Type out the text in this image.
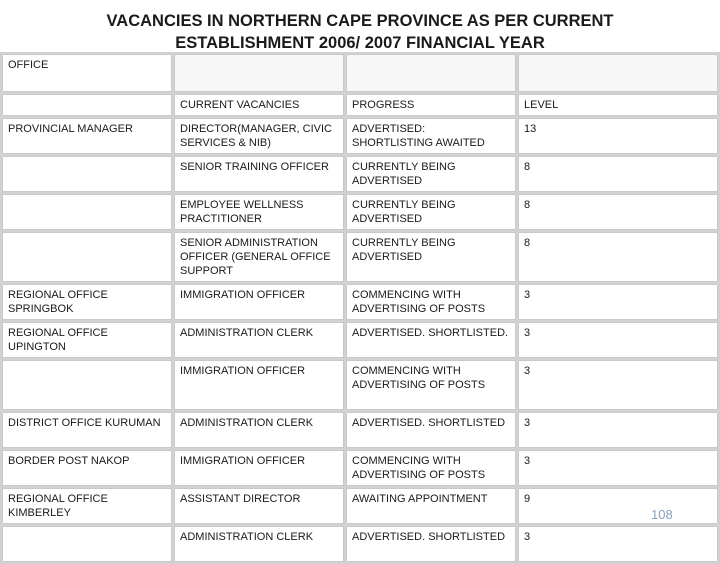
VACANCIES IN NORTHERN CAPE PROVINCE AS PER CURRENT
ESTABLISHMENT 2006/ 2007 FINANCIAL YEAR
OFFICE			
	CURRENT VACANCIES	PROGRESS	LEVEL
PROVINCIAL MANAGER	DIRECTOR(MANAGER, CIVIC SERVICES & NIB)	ADVERTISED: SHORTLISTING AWAITED	13
	SENIOR TRAINING OFFICER	CURRENTLY BEING ADVERTISED	8
	EMPLOYEE WELLNESS PRACTITIONER	CURRENTLY BEING ADVERTISED	8
	SENIOR ADMINISTRATION OFFICER (GENERAL OFFICE SUPPORT	CURRENTLY BEING ADVERTISED	8
REGIONAL OFFICE SPRINGBOK	IMMIGRATION OFFICER	COMMENCING WITH ADVERTISING OF POSTS	3
REGIONAL OFFICE UPINGTON	ADMINISTRATION CLERK	ADVERTISED. SHORTLISTED.	3
	IMMIGRATION OFFICER	COMMENCING WITH ADVERTISING OF POSTS	3
DISTRICT OFFICE KURUMAN	ADMINISTRATION CLERK	ADVERTISED. SHORTLISTED	3
BORDER POST NAKOP	IMMIGRATION OFFICER	COMMENCING WITH ADVERTISING OF POSTS	3
REGIONAL OFFICE KIMBERLEY	ASSISTANT DIRECTOR	AWAITING APPOINTMENT	9
	ADMINISTRATION CLERK	ADVERTISED. SHORTLISTED	3
108
